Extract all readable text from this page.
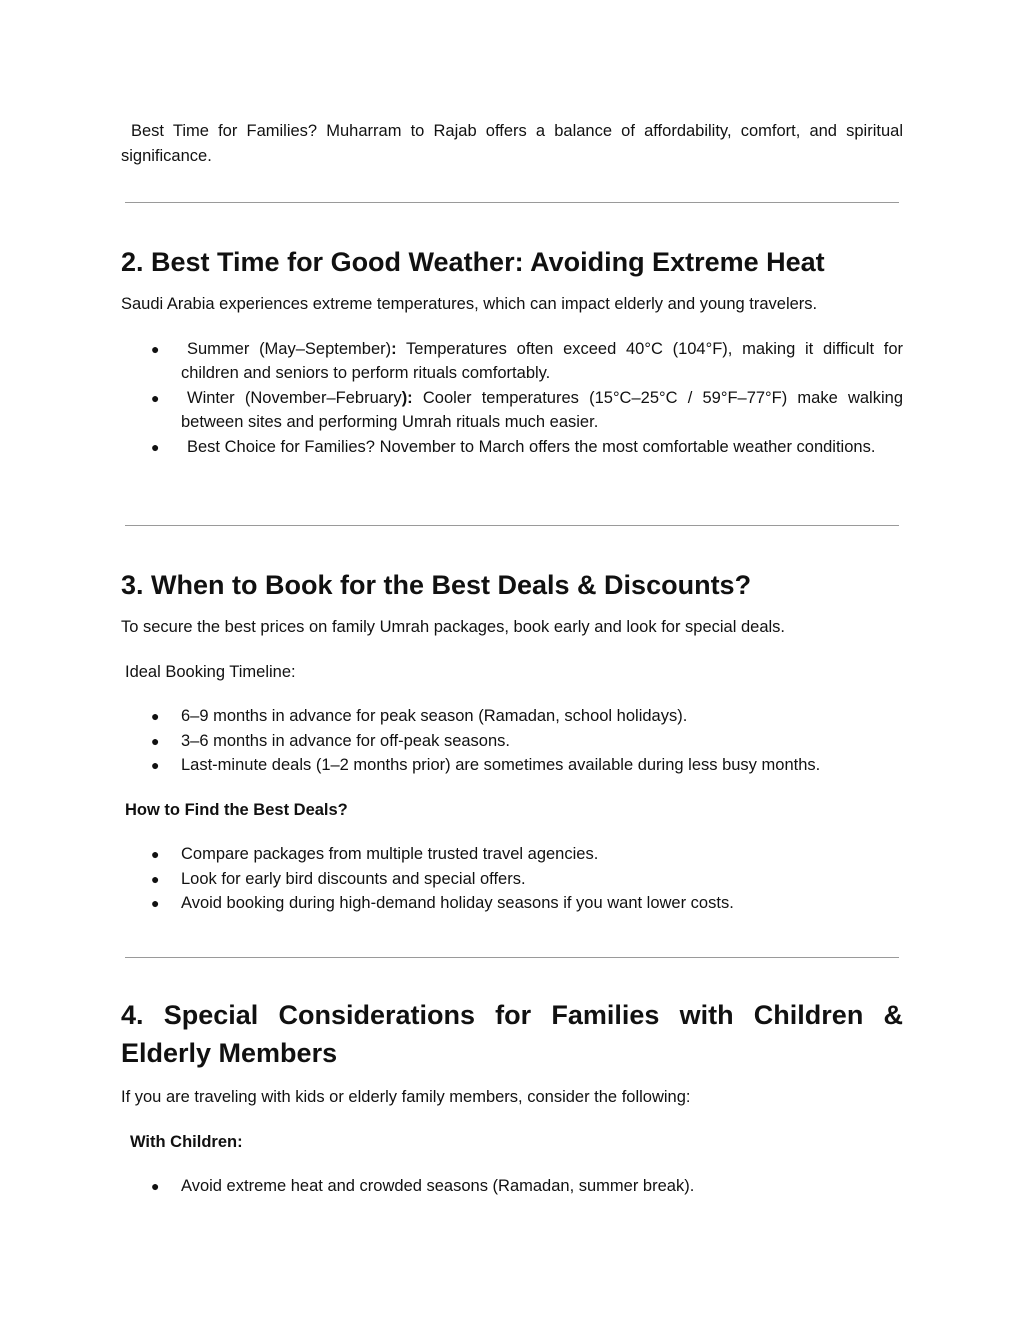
Best Time for Families? Muharram to Rajab offers a balance of affordability, comfort, and spiritual significance.

2. Best Time for Good Weather: Avoiding Extreme Heat

Saudi Arabia experiences extreme temperatures, which can impact elderly and young travelers.

● Summer (May–September): Temperatures often exceed 40°C (104°F), making it difficult for children and seniors to perform rituals comfortably.
● Winter (November–February): Cooler temperatures (15°C–25°C / 59°F–77°F) make walking between sites and performing Umrah rituals much easier.
● Best Choice for Families? November to March offers the most comfortable weather conditions.
3. When to Book for the Best Deals & Discounts?

To secure the best prices on family Umrah packages, book early and look for special deals.

Ideal Booking Timeline:

● 6–9 months in advance for peak season (Ramadan, school holidays).
● 3–6 months in advance for off-peak seasons.
● Last-minute deals (1–2 months prior) are sometimes available during less busy months.

How to Find the Best Deals?

● Compare packages from multiple trusted travel agencies.
● Look for early bird discounts and special offers.
● Avoid booking during high-demand holiday seasons if you want lower costs.
4. Special Considerations for Families with Children & Elderly Members

If you are traveling with kids or elderly family members, consider the following:

With Children:

● Avoid extreme heat and crowded seasons (Ramadan, summer break).
